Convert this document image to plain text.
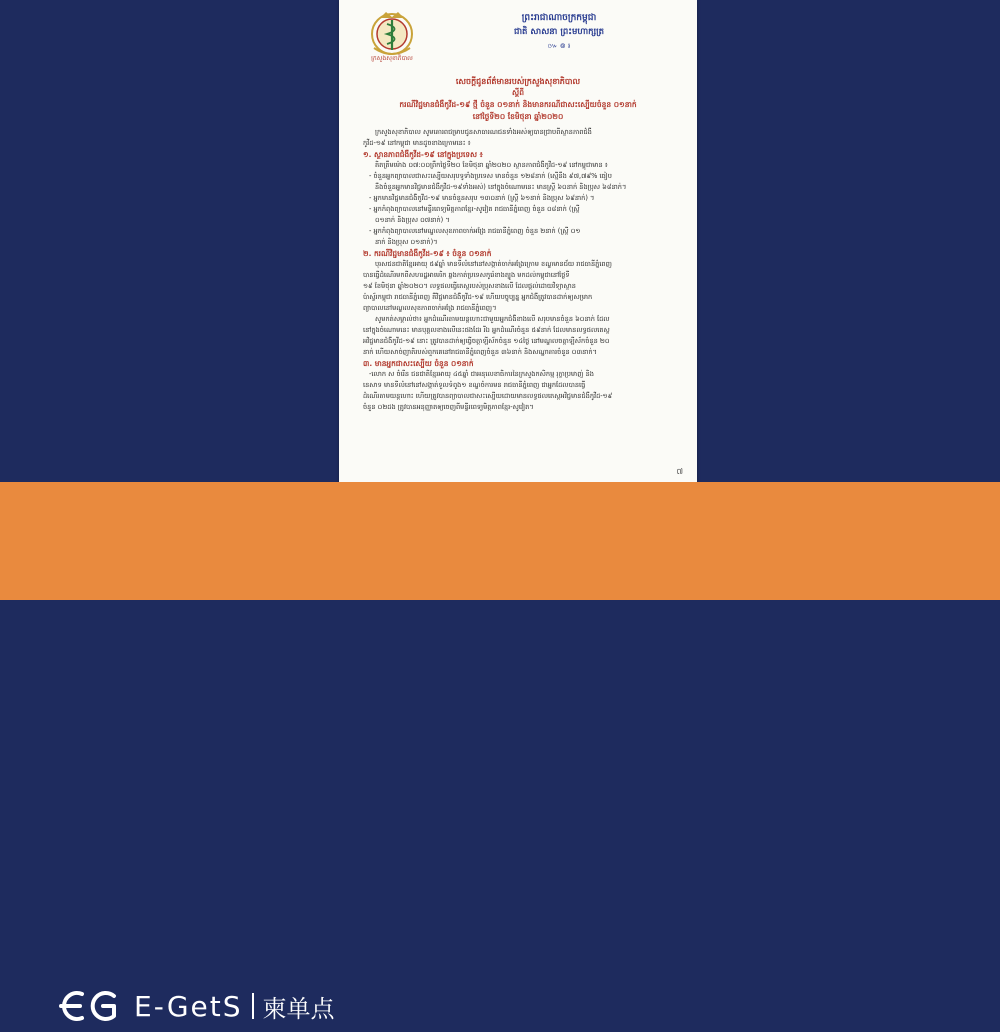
ក្រសួងសុខាភិបាល
ព្រះរាជាណាចក្រកម្ពុជា
ជាតិ សាសនា ព្រះមហាក្សត្រ
៚ ៙ ៛
សេចក្តីជូនព័ត៌មានរបស់ក្រសួងសុខាភិបាល
ស្តីពី
ករណីវិជ្ជមានជំងឺកូវីដ-១៩ ថ្មី ចំនួន ០១នាក់ និងមានករណីជាសះស្បើយចំនួន ០១នាក់
នៅថ្ងៃទី២០ ខែមិថុនា ឆ្នាំ២០២០
ក្រសួងសុខាភិបាល សូមគោរពជម្រាបជូនសាធារណជនទាំងអស់ឲ្យបានជ្រាបពីស្ថានភាពជំងឺ
កូវីដ-១៩ នៅកម្ពុជា មានដូចខាងក្រោមនេះ ៖
១. ស្ថានភាពជំងឺកូវីដ-១៩ នៅក្នុងប្រទេស ៖
គិតត្រឹមម៉ោង ០៧:០០ព្រឹកថ្ងៃទី២០ ខែមិថុនា ឆ្នាំ២០២០ ស្ថានភាពជំងឺកូវីដ-១៩ នៅកម្ពុជាមាន ៖
- ចំនួនអ្នកព្យាបាលជាសះស្បើយសរុបទូទាំងប្រទេស មានចំនួន ១២៨នាក់ (ស្មើនឹង ៩៧,៧៩% ធៀប
នឹងចំនួនអ្នកមានវិជ្ជមានជំងឺកូវីដ-១៩ទាំងអស់) នៅក្នុងចំណោមនេះ មានស្រ្តី ៦០នាក់ និងប្រុស ៦៨នាក់។
- អ្នកមានវិជ្ជមានជំងឺកូវីដ-១៩ មានចំនួនសរុប ១៣០នាក់ (ស្ត្រី ៦១នាក់ និងប្រុស ៦៩នាក់) ។
- អ្នកកំពុងព្យាបាលនៅមន្ទីរពេទ្យមិត្តភាពខ្មែរ-សូវៀត រាជធានីភ្នំពេញ ចំនួន ០៨នាក់ (ស្រ្តី
០១នាក់ និងប្រុស ០៧នាក់) ។
- អ្នកកំពុងព្យាបាលនៅមណ្ឌលសុខភាពចាក់អង្រែ រាជធានីភ្នំពេញ ចំនួន ២នាក់ (ស្រ្តី ០១
នាក់ និងប្រុស ០១នាក់)។
២. ករណីវិជ្ជមានជំងឺកូវីដ-១៩ ៖ ចំនួន ០១នាក់
បុរសជនជាតិខ្មែរអាយុ ៥៩ឆ្នាំ មានទីលំនៅនៅសង្កាត់ចាក់អង្រែក្រោម ខណ្ឌមានជ័យ រាជធានីភ្នំពេញ
បានធ្វើដំណើរមកពីសហរដ្ឋអាមេរិក ឆ្លងកាត់ប្រទេសកូរ៉េខាងត្បូង មកដល់កម្ពុជានៅថ្ងៃទី
១៩ ខែមិថុនា ឆ្នាំ២០២០។ លទ្ធផលធ្វើតេស្តរបស់ប្រុសខាងលើ ដែលផ្តល់ដោយវិទ្យាស្ថាន
ប៉ាស្ទ័រកម្ពុជា រាជធានីភ្នំពេញ គឺវិជ្ជមានជំងឺកូវីដ-១៩ ហើយបច្ចុប្បន្ន អ្នកជំងឺត្រូវបានដាក់ឲ្យសម្រាក
ព្យាបាលនៅមណ្ឌលសុខភាពចាក់អង្រែ រាជធានីភ្នំពេញ។
សូមកត់សម្គាល់ថា៖ អ្នកដំណើរតាមយន្តហោះជាមួយអ្នកជំងឺខាងលើ សរុបមានចំនួន ៦០នាក់ ដែល
នៅក្នុងចំណោមនេះ មានបុគ្គលខាងលើនេះផងដែរ រីឯ អ្នកដំណើរចំនួន ៥៩នាក់ ដែលមានលទ្ធផលតេស្ត
អវិជ្ជមានជំងឺកូវីដ-១៩ នោះ ត្រូវបានដាក់ឲ្យធ្វើចត្តាឡីស័កចំនួន ១៤ថ្ងៃ នៅមណ្ឌលចត្តាឡីស័កចំនួន ២០
នាក់ ហើយសាច់ញាតិរបស់ពួកគេនៅរាជធានីភ្នំពេញចំនួន ៣៦នាក់ និងសណ្ឋាគារចំនួន ០៣នាក់។
៣. មានអ្នកជាសះស្បើយ ចំនួន ០១នាក់
-លោក ស ចំរើន ជនជាតិខ្មែរអាយុ ៤៥ឆ្នាំ ជាអនុលេខាធិការនៃក្រសួងកសិកម្ម រុក្ខាប្រមាញ់ និង
នេសាទ មានទីលំនៅនៅសង្កាត់ទួលទំពូង១ ខណ្ឌចំការមន រាជធានីភ្នំពេញ ជាអ្នកដែលបានធ្វើ
ដំណើរតាមយន្តហោះ ហើយត្រូវបានព្យាបាលជាសះស្បើយដោយមានលទ្ធផលតេស្តអវិជ្ជមានជំងឺកូវីដ-១៩
ចំនួន ០២ដង ត្រូវបានអនុញ្ញាតឲ្យចេញពីមន្ទីរពេទ្យមិត្តភាពខ្មែរ-សូវៀត។
៧
E-GetS 柬单点
